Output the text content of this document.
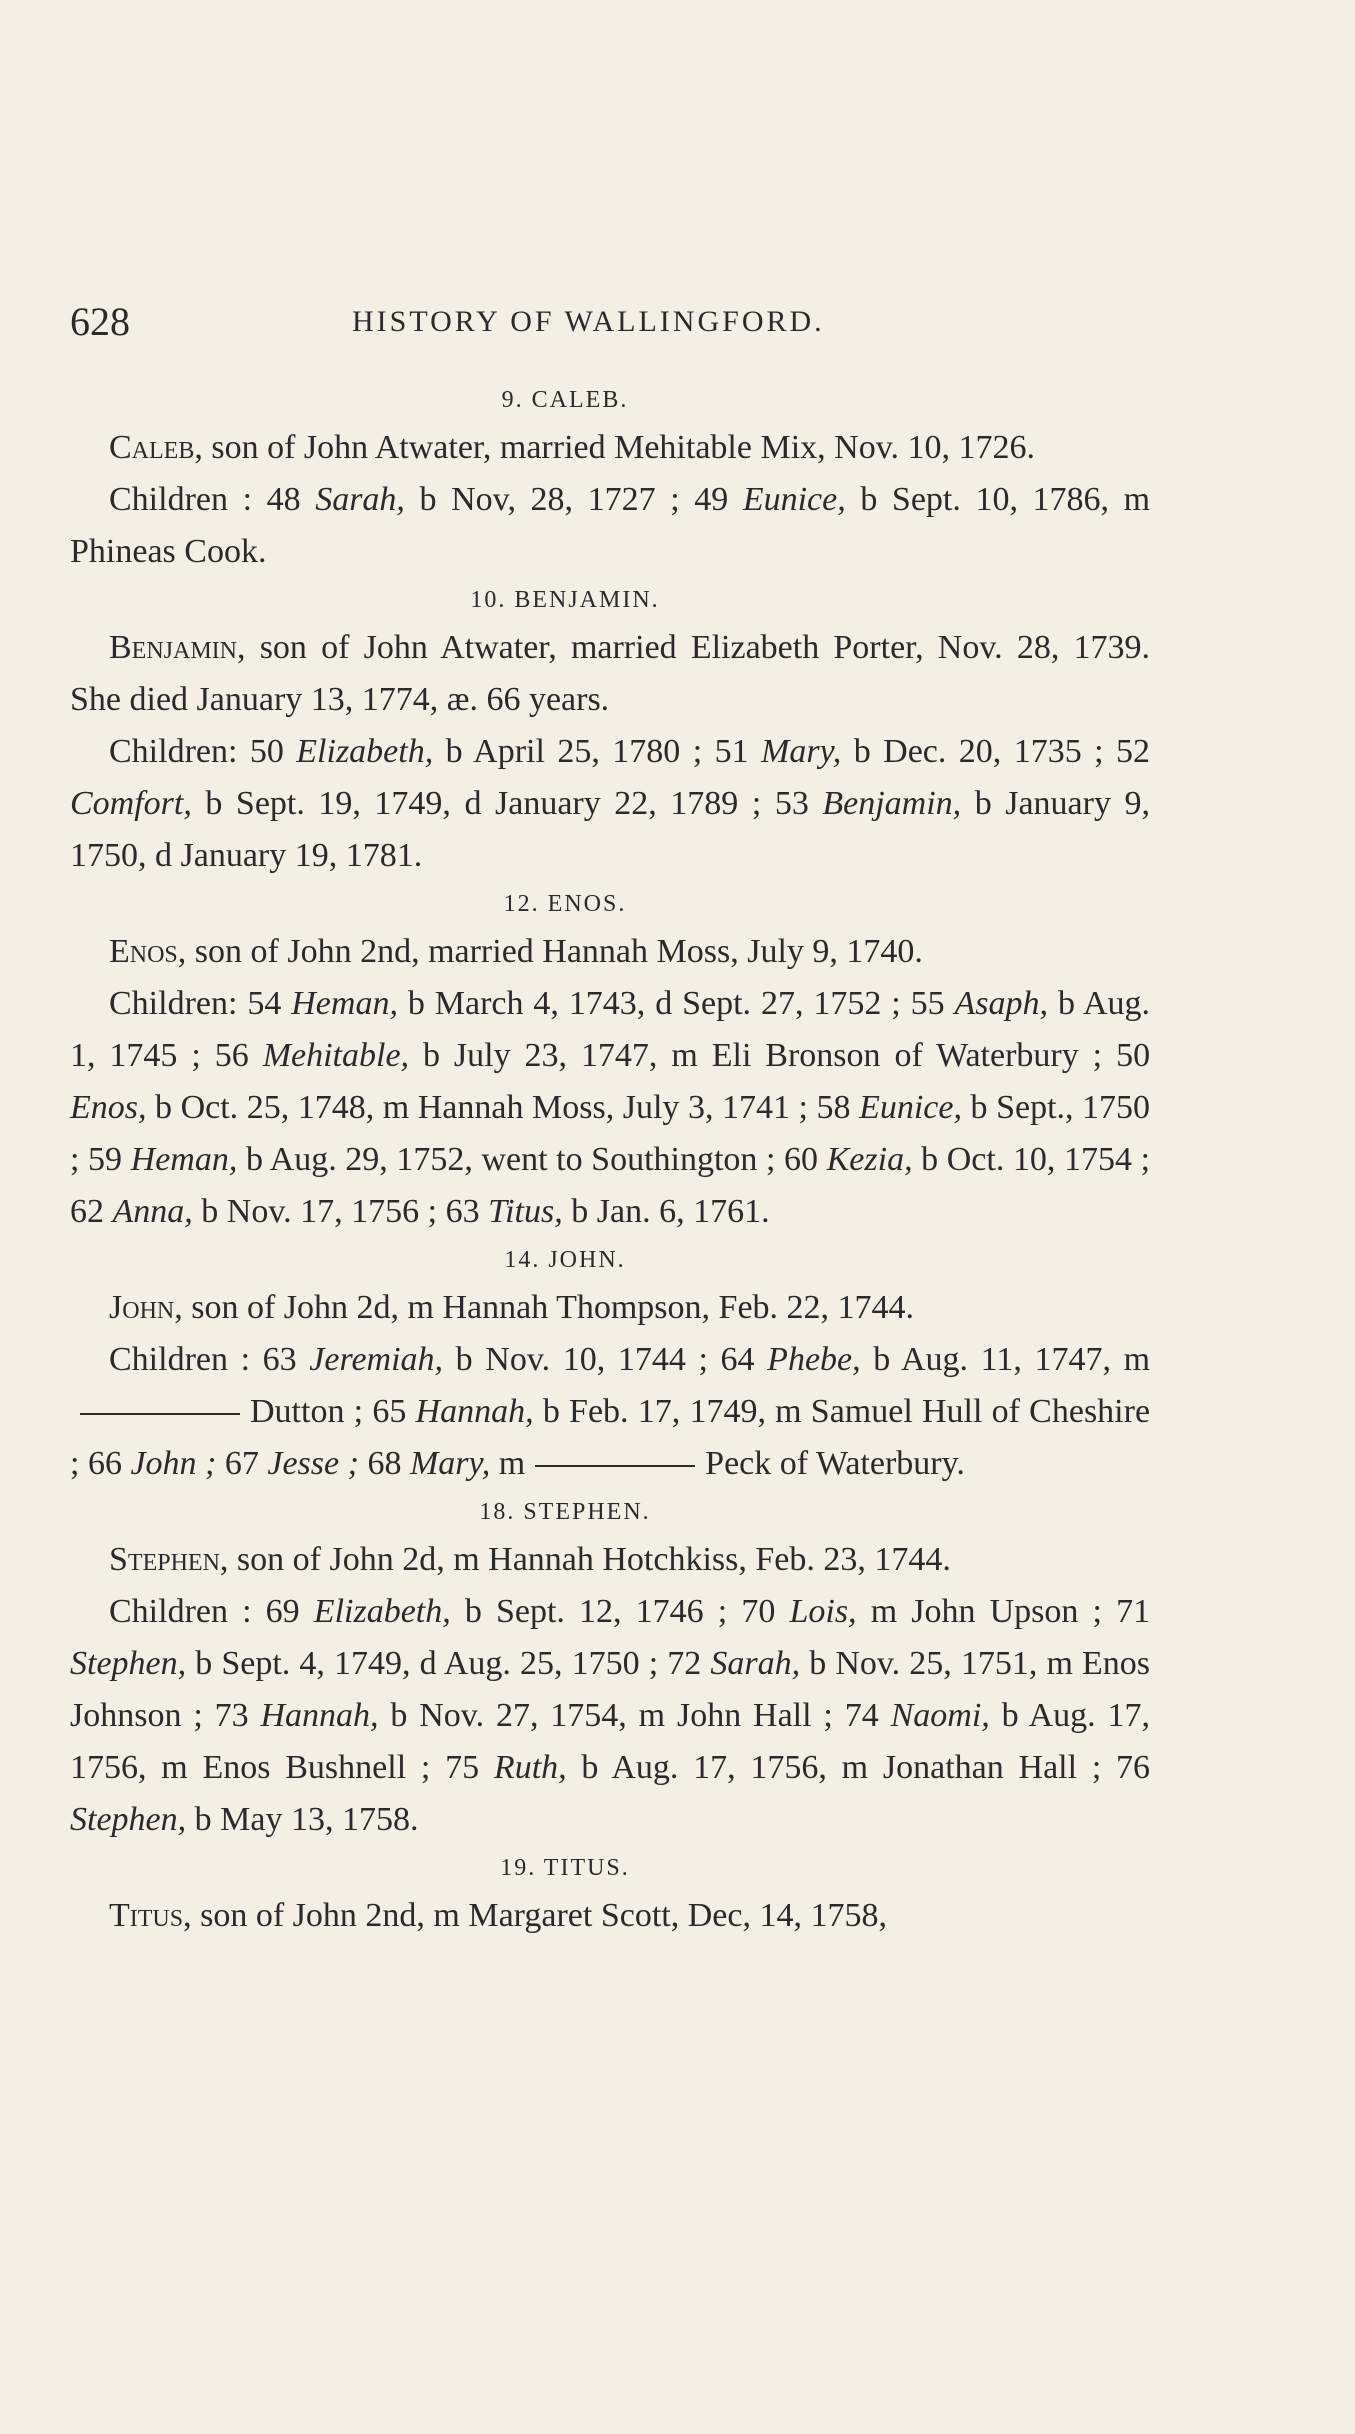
628	HISTORY OF WALLINGFORD.
9. CALEB.

Caleb, son of John Atwater, married Mehitable Mix, Nov. 10, 1726.

Children : 48 Sarah, b Nov, 28, 1727 ; 49 Eunice, b Sept. 10, 1786, m Phineas Cook.

10. BENJAMIN.

Benjamin, son of John Atwater, married Elizabeth Porter, Nov. 28, 1739. She died January 13, 1774, æ. 66 years.

Children: 50 Elizabeth, b April 25, 1780 ; 51 Mary, b Dec. 20, 1735 ; 52 Comfort, b Sept. 19, 1749, d January 22, 1789 ; 53 Benjamin, b January 9, 1750, d January 19, 1781.

12. ENOS.

Enos, son of John 2nd, married Hannah Moss, July 9, 1740.

Children: 54 Heman, b March 4, 1743, d Sept. 27, 1752 ; 55 Asaph, b Aug. 1, 1745 ; 56 Mehitable, b July 23, 1747, m Eli Bronson of Waterbury ; 50 Enos, b Oct. 25, 1748, m Hannah Moss, July 3, 1741 ; 58 Eunice, b Sept., 1750 ; 59 Heman, b Aug. 29, 1752, went to Southington ; 60 Kezia, b Oct. 10, 1754 ; 62 Anna, b Nov. 17, 1756 ; 63 Titus, b Jan. 6, 1761.

14. JOHN.

John, son of John 2d, m Hannah Thompson, Feb. 22, 1744.

Children : 63 Jeremiah, b Nov. 10, 1744 ; 64 Phebe, b Aug. 11, 1747, mDutton ; 65 Hannah, b Feb. 17, 1749, m Samuel Hull of Cheshire ; 66 John ; 67 Jesse ; 68 Mary, m	Peck of Waterbury.

18. STEPHEN.

Stephen, son of John 2d, m Hannah Hotchkiss, Feb. 23, 1744.

Children : 69 Elizabeth, b Sept. 12, 1746 ; 70 Lois, m John Upson ; 71 Stephen, b Sept. 4, 1749, d Aug. 25, 1750 ; 72 Sarah, b Nov. 25, 1751, m Enos Johnson ; 73 Hannah, b Nov. 27, 1754, m John Hall ; 74 Naomi, b Aug. 17, 1756, m Enos Bushnell ; 75 Ruth, b Aug. 17, 1756, m Jonathan Hall ; 76 Stephen, b May 13, 1758.

19. TITUS.

Titus, son of John 2nd, m Margaret Scott, Dec, 14, 1758,
